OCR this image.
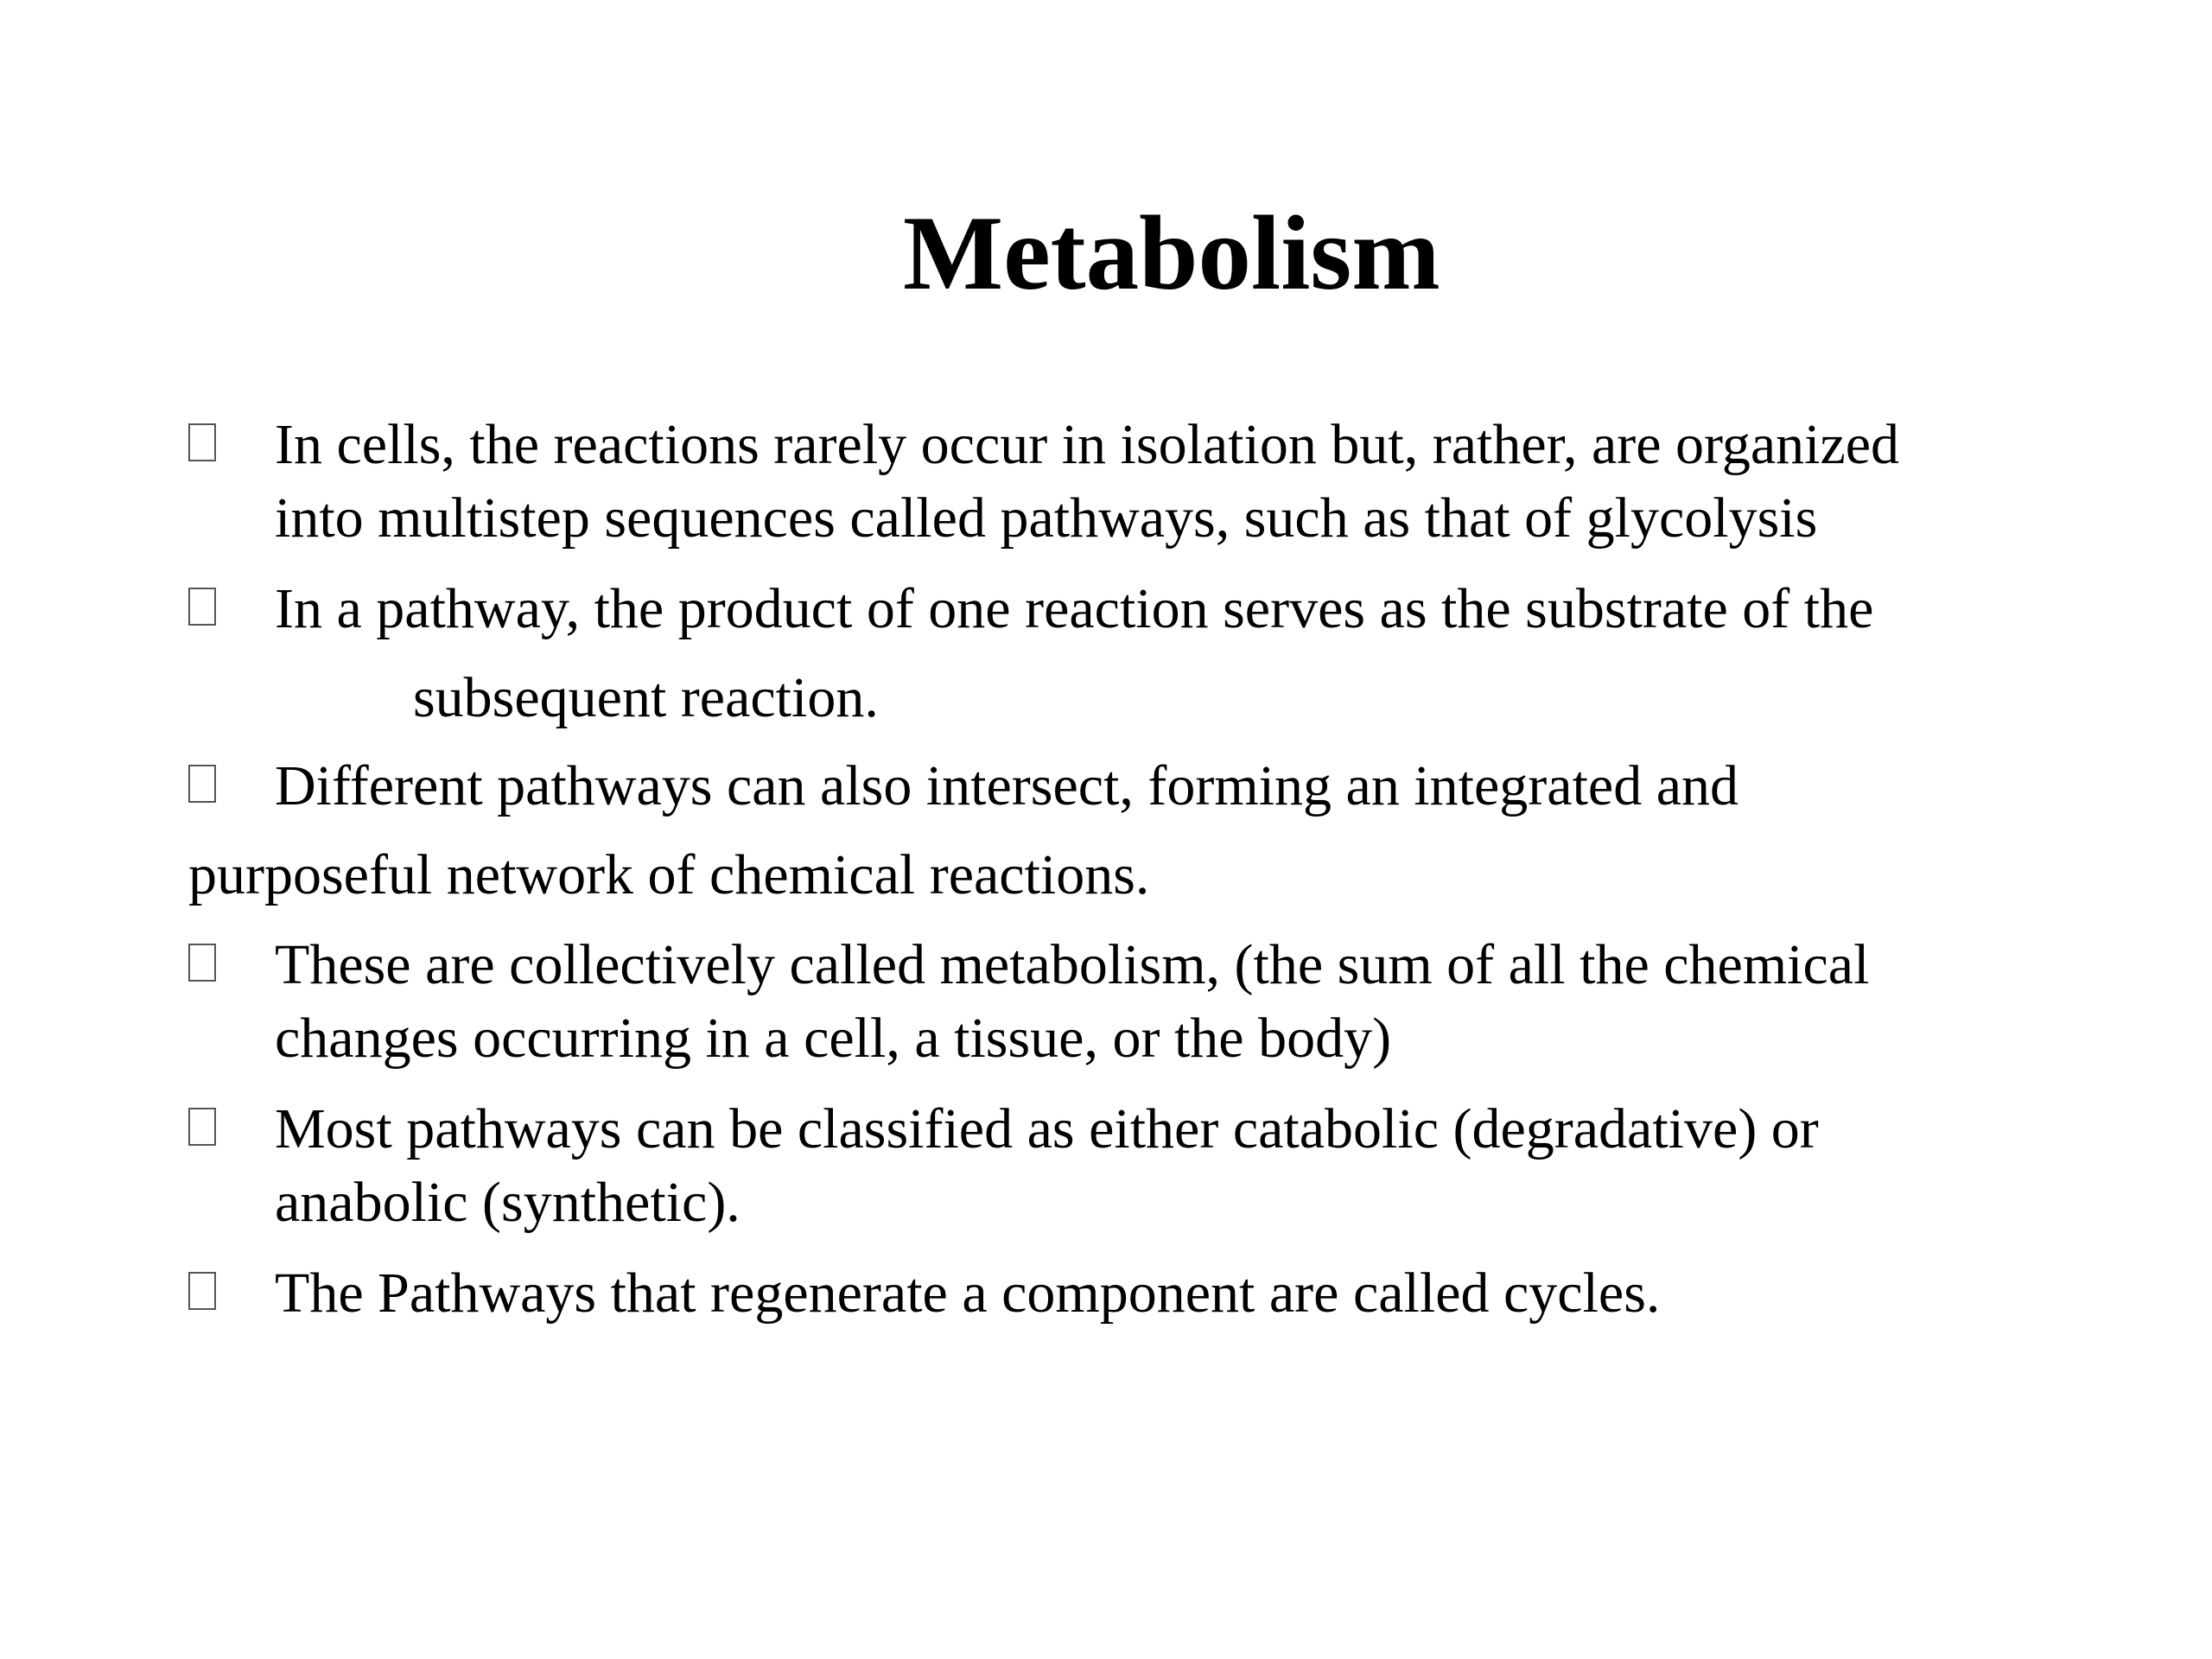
Metabolism

In cells, the reactions rarely occur in isolation but, rather, are organized

into multistep sequences called pathways, such as that of glycolysis

In a pathway, the product of one reaction serves as the substrate of the

subsequent reaction.

Different pathways can also intersect, forming an integrated and

purposeful network of chemical reactions.

These are collectively called metabolism, (the sum of all the chemical

changes occurring in a cell, a tissue, or the body)

Most pathways can be classified as either catabolic (degradative) or

anabolic (synthetic).

The Pathways that regenerate a component are called cycles.
